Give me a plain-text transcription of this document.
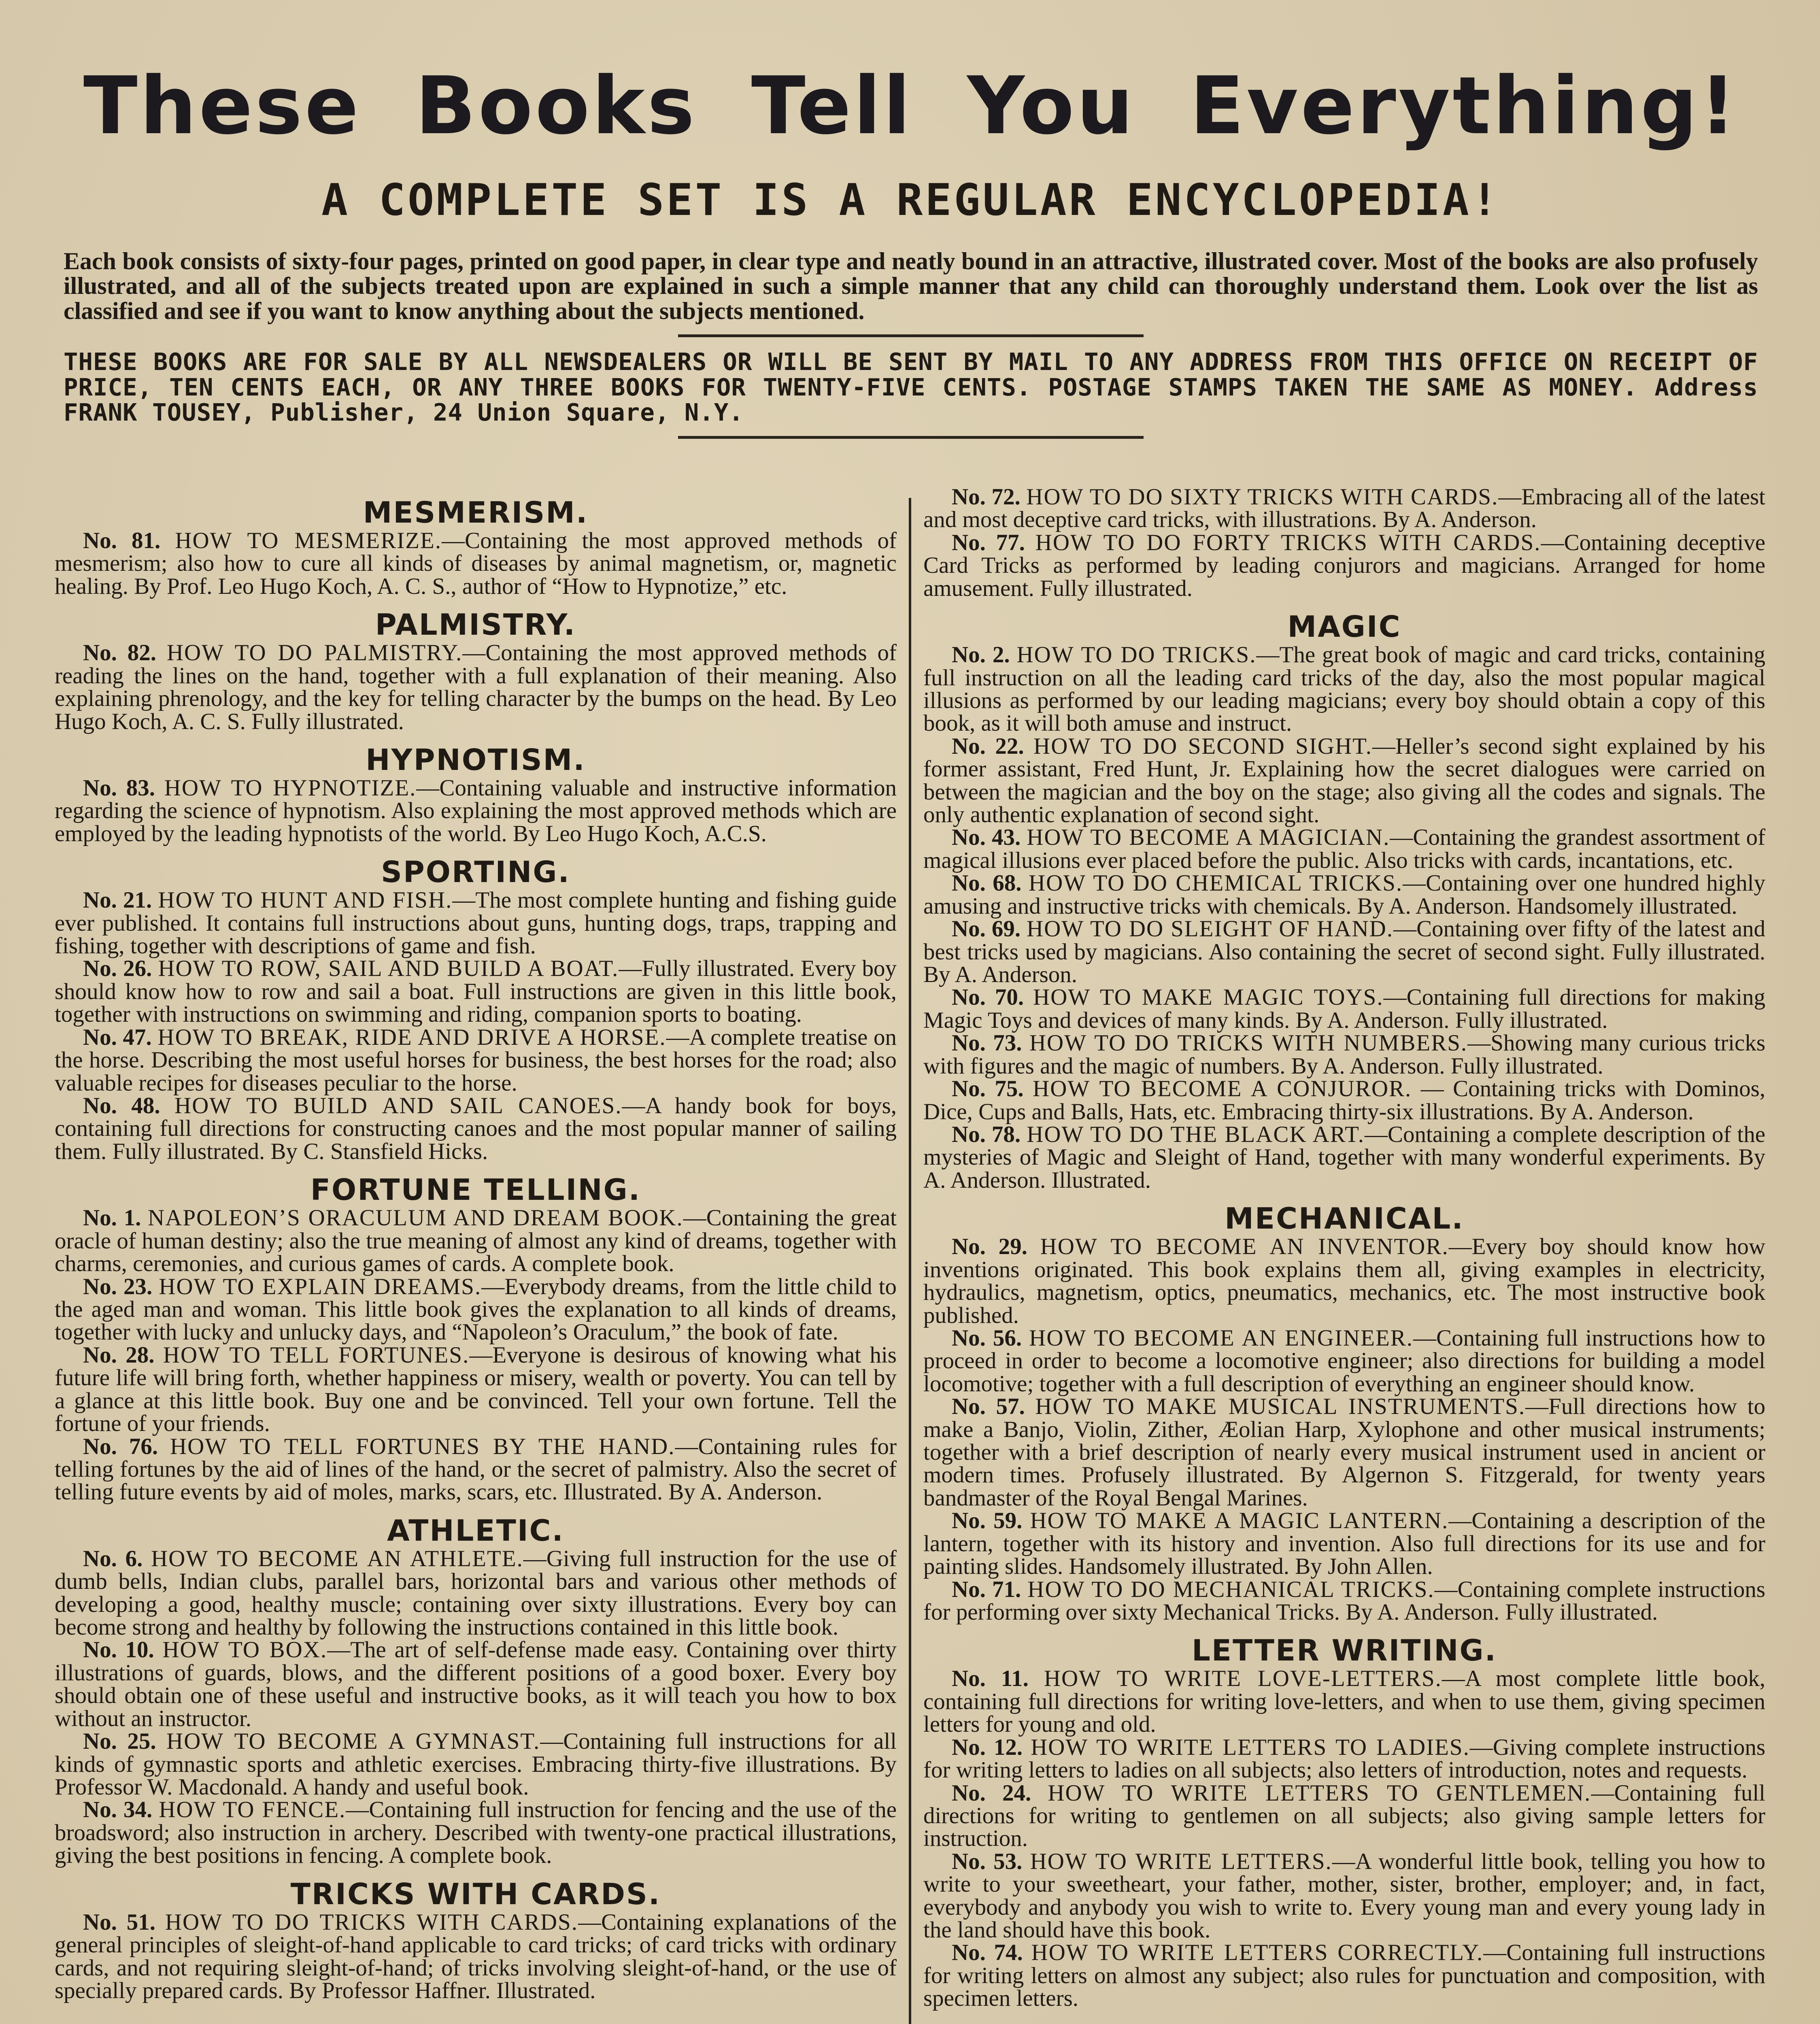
These Books Tell You Everything!
A COMPLETE SET IS A REGULAR ENCYCLOPEDIA!
Each book consists of sixty-four pages, printed on good paper, in clear type and neatly bound in an attractive, illustrated cover. Most of the books are also profusely illustrated, and all of the subjects treated upon are explained in such a simple manner that any child can thoroughly understand them. Look over the list as classified and see if you want to know anything about the subjects mentioned.
THESE BOOKS ARE FOR SALE BY ALL NEWSDEALERS OR WILL BE SENT BY MAIL TO ANY ADDRESS FROM THIS OFFICE ON RECEIPT OF PRICE, TEN CENTS EACH, OR ANY THREE BOOKS FOR TWENTY-FIVE CENTS. POSTAGE STAMPS TAKEN THE SAME AS MONEY. Address FRANK TOUSEY, Publisher, 24 Union Square, N.Y.
MESMERISM.

No. 81. HOW TO MESMERIZE.—Containing the most approved methods of mesmerism; also how to cure all kinds of diseases by animal magnetism, or, magnetic healing. By Prof. Leo Hugo Koch, A. C. S., author of “How to Hypnotize,” etc.

PALMISTRY.

No. 82. HOW TO DO PALMISTRY.—Containing the most approved methods of reading the lines on the hand, together with a full explanation of their meaning. Also explaining phrenology, and the key for telling character by the bumps on the head. By Leo Hugo Koch, A. C. S. Fully illustrated.

HYPNOTISM.

No. 83. HOW TO HYPNOTIZE.—Containing valuable and instructive information regarding the science of hypnotism. Also explaining the most approved methods which are employed by the leading hypnotists of the world. By Leo Hugo Koch, A.C.S.

SPORTING.

No. 21. HOW TO HUNT AND FISH.—The most complete hunting and fishing guide ever published. It contains full instructions about guns, hunting dogs, traps, trapping and fishing, together with descriptions of game and fish.

No. 26. HOW TO ROW, SAIL AND BUILD A BOAT.—Fully illustrated. Every boy should know how to row and sail a boat. Full instructions are given in this little book, together with instructions on swimming and riding, companion sports to boating.

No. 47. HOW TO BREAK, RIDE AND DRIVE A HORSE.—A complete treatise on the horse. Describing the most useful horses for business, the best horses for the road; also valuable recipes for diseases peculiar to the horse.

No. 48. HOW TO BUILD AND SAIL CANOES.—A handy book for boys, containing full directions for constructing canoes and the most popular manner of sailing them. Fully illustrated. By C. Stansfield Hicks.

FORTUNE TELLING.

No. 1. NAPOLEON’S ORACULUM AND DREAM BOOK.—Containing the great oracle of human destiny; also the true meaning of almost any kind of dreams, together with charms, ceremonies, and curious games of cards. A complete book.

No. 23. HOW TO EXPLAIN DREAMS.—Everybody dreams, from the little child to the aged man and woman. This little book gives the explanation to all kinds of dreams, together with lucky and unlucky days, and “Napoleon’s Oraculum,” the book of fate.

No. 28. HOW TO TELL FORTUNES.—Everyone is desirous of knowing what his future life will bring forth, whether happiness or misery, wealth or poverty. You can tell by a glance at this little book. Buy one and be convinced. Tell your own fortune. Tell the fortune of your friends.

No. 76. HOW TO TELL FORTUNES BY THE HAND.—Containing rules for telling fortunes by the aid of lines of the hand, or the secret of palmistry. Also the secret of telling future events by aid of moles, marks, scars, etc. Illustrated. By A. Anderson.

ATHLETIC.

No. 6. HOW TO BECOME AN ATHLETE.—Giving full instruction for the use of dumb bells, Indian clubs, parallel bars, horizontal bars and various other methods of developing a good, healthy muscle; containing over sixty illustrations. Every boy can become strong and healthy by following the instructions contained in this little book.

No. 10. HOW TO BOX.—The art of self-defense made easy. Containing over thirty illustrations of guards, blows, and the different positions of a good boxer. Every boy should obtain one of these useful and instructive books, as it will teach you how to box without an instructor.

No. 25. HOW TO BECOME A GYMNAST.—Containing full instructions for all kinds of gymnastic sports and athletic exercises. Embracing thirty-five illustrations. By Professor W. Macdonald. A handy and useful book.

No. 34. HOW TO FENCE.—Containing full instruction for fencing and the use of the broadsword; also instruction in archery. Described with twenty-one practical illustrations, giving the best positions in fencing. A complete book.

TRICKS WITH CARDS.

No. 51. HOW TO DO TRICKS WITH CARDS.—Containing explanations of the general principles of sleight-of-hand applicable to card tricks; of card tricks with ordinary cards, and not requiring sleight-of-hand; of tricks involving sleight-of-hand, or the use of specially prepared cards. By Professor Haffner. Illustrated.

No. 72. HOW TO DO SIXTY TRICKS WITH CARDS.—Embracing all of the latest and most deceptive card tricks, with illustrations. By A. Anderson.

No. 77. HOW TO DO FORTY TRICKS WITH CARDS.—Containing deceptive Card Tricks as performed by leading conjurors and magicians. Arranged for home amusement. Fully illustrated.

MAGIC

No. 2. HOW TO DO TRICKS.—The great book of magic and card tricks, containing full instruction on all the leading card tricks of the day, also the most popular magical illusions as performed by our leading magicians; every boy should obtain a copy of this book, as it will both amuse and instruct.

No. 22. HOW TO DO SECOND SIGHT.—Heller’s second sight explained by his former assistant, Fred Hunt, Jr. Explaining how the secret dialogues were carried on between the magician and the boy on the stage; also giving all the codes and signals. The only authentic explanation of second sight.

No. 43. HOW TO BECOME A MAGICIAN.—Containing the grandest assortment of magical illusions ever placed before the public. Also tricks with cards, incantations, etc.

No. 68. HOW TO DO CHEMICAL TRICKS.—Containing over one hundred highly amusing and instructive tricks with chemicals. By A. Anderson. Handsomely illustrated.

No. 69. HOW TO DO SLEIGHT OF HAND.—Containing over fifty of the latest and best tricks used by magicians. Also containing the secret of second sight. Fully illustrated. By A. Anderson.

No. 70. HOW TO MAKE MAGIC TOYS.—Containing full directions for making Magic Toys and devices of many kinds. By A. Anderson. Fully illustrated.

No. 73. HOW TO DO TRICKS WITH NUMBERS.—Showing many curious tricks with figures and the magic of numbers. By A. Anderson. Fully illustrated.

No. 75. HOW TO BECOME A CONJUROR. — Containing tricks with Dominos, Dice, Cups and Balls, Hats, etc. Embracing thirty-six illustrations. By A. Anderson.

No. 78. HOW TO DO THE BLACK ART.—Containing a complete description of the mysteries of Magic and Sleight of Hand, together with many wonderful experiments. By A. Anderson. Illustrated.

MECHANICAL.

No. 29. HOW TO BECOME AN INVENTOR.—Every boy should know how inventions originated. This book explains them all, giving examples in electricity, hydraulics, magnetism, optics, pneumatics, mechanics, etc. The most instructive book published.

No. 56. HOW TO BECOME AN ENGINEER.—Containing full instructions how to proceed in order to become a locomotive engineer; also directions for building a model locomotive; together with a full description of everything an engineer should know.

No. 57. HOW TO MAKE MUSICAL INSTRUMENTS.—Full directions how to make a Banjo, Violin, Zither, Æolian Harp, Xylophone and other musical instruments; together with a brief description of nearly every musical instrument used in ancient or modern times. Profusely illustrated. By Algernon S. Fitzgerald, for twenty years bandmaster of the Royal Bengal Marines.

No. 59. HOW TO MAKE A MAGIC LANTERN.—Containing a description of the lantern, together with its history and invention. Also full directions for its use and for painting slides. Handsomely illustrated. By John Allen.

No. 71. HOW TO DO MECHANICAL TRICKS.—Containing complete instructions for performing over sixty Mechanical Tricks. By A. Anderson. Fully illustrated.

LETTER WRITING.

No. 11. HOW TO WRITE LOVE-LETTERS.—A most complete little book, containing full directions for writing love-letters, and when to use them, giving specimen letters for young and old.

No. 12. HOW TO WRITE LETTERS TO LADIES.—Giving complete instructions for writing letters to ladies on all subjects; also letters of introduction, notes and requests.

No. 24. HOW TO WRITE LETTERS TO GENTLEMEN.—Containing full directions for writing to gentlemen on all subjects; also giving sample letters for instruction.

No. 53. HOW TO WRITE LETTERS.—A wonderful little book, telling you how to write to your sweetheart, your father, mother, sister, brother, employer; and, in fact, everybody and anybody you wish to write to. Every young man and every young lady in the land should have this book.

No. 74. HOW TO WRITE LETTERS CORRECTLY.—Containing full instructions for writing letters on almost any subject; also rules for punctuation and composition, with specimen letters.
